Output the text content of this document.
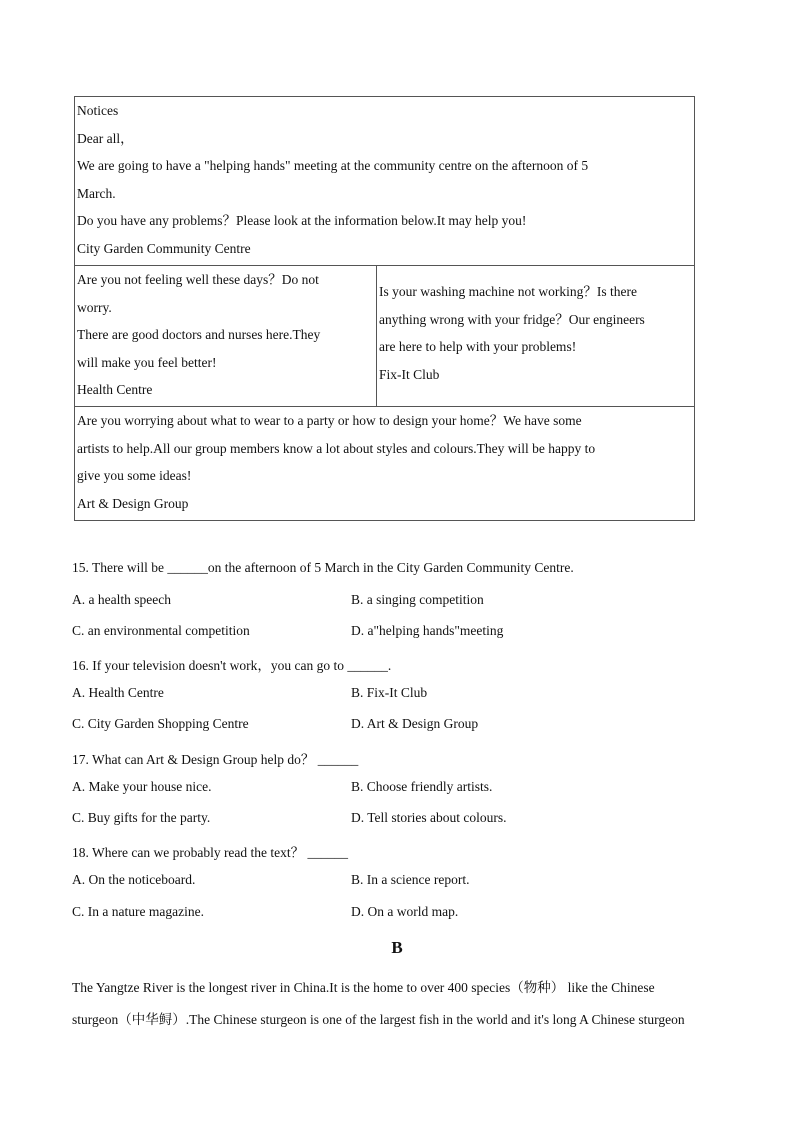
Notices

Dear all，

We are going to have a "helping hands" meeting at the community centre on the afternoon of 5

March.

Do you have any problems？Please look at the information below.It may help you!

City Garden Community Centre

Are you not feeling well these days？Do not

worry.

There are good doctors and nurses here.They

will make you feel better!

Health Centre

Is your washing machine not working？Is there

anything wrong with your fridge？Our engineers

are here to help with your problems!

Fix-It Club

Are you worrying about what to wear to a party or how to design your home？We have some

artists to help.All our group members know a lot about styles and colours.They will be happy to

give you some ideas!

Art & Design Group

15. There will be ______on the afternoon of 5 March in the City Garden Community Centre.
A. a health speech	B. a singing competition
C. an environmental competition	D. a"helping hands"meeting
16. If your television doesn't work，you can go to ______.
A. Health Centre	B. Fix-It Club
C. City Garden Shopping Centre	D. Art & Design Group
17. What can Art & Design Group help do？ ______
A. Make your house nice.	B. Choose friendly artists.
C. Buy gifts for the party.	D. Tell stories about colours.
18. Where can we probably read the text？ ______
A. On the noticeboard.	B. In a science report.
C. In a nature magazine.	D. On a world map.
B
The Yangtze River is the longest river in China.It is the home to over 400 species（物种） like the Chinese
sturgeon（中华鲟）.The Chinese sturgeon is one of the largest fish in the world and it's long A Chinese sturgeon
